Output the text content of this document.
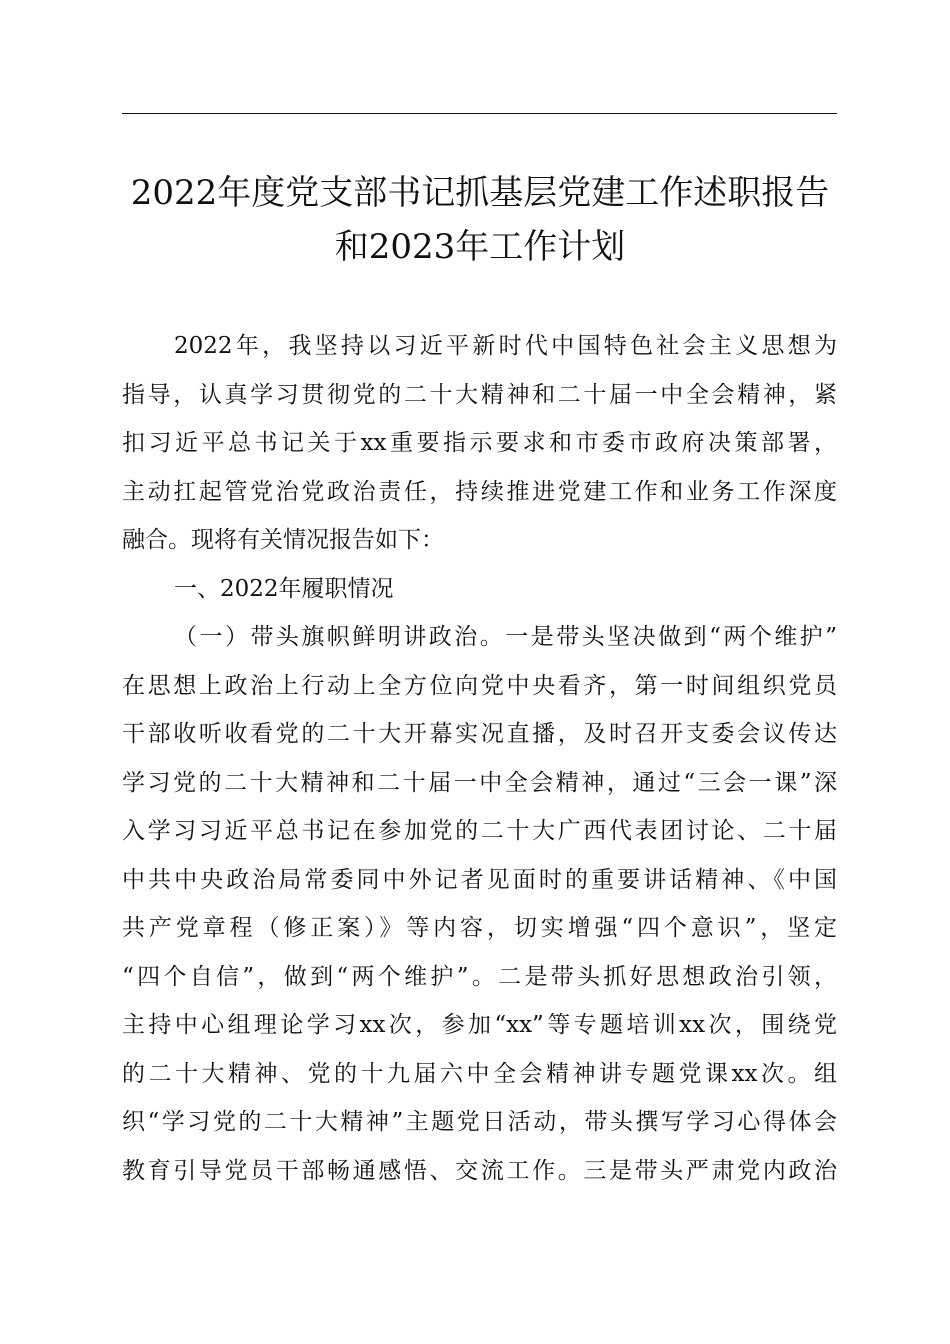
2022年度党支部书记抓基层党建工作述职报告
和2023年工作计划

2022年，我坚持以习近平新时代中国特色社会主义思想为
指导，认真学习贯彻党的二十大精神和二十届一中全会精神，紧
扣习近平总书记关于xx重要指示要求和市委市政府决策部署，
主动扛起管党治党政治责任，持续推进党建工作和业务工作深度
融合。现将有关情况报告如下：

一、2022年履职情况

（一）带头旗帜鲜明讲政治。一是带头坚决做到“两个维护”
在思想上政治上行动上全方位向党中央看齐，第一时间组织党员
干部收听收看党的二十大开幕实况直播，及时召开支委会议传达
学习党的二十大精神和二十届一中全会精神，通过“三会一课”深
入学习习近平总书记在参加党的二十大广西代表团讨论、二十届
中共中央政治局常委同中外记者见面时的重要讲话精神、《中国
共产党章程（修正案）》等内容，切实增强“四个意识”，坚定
“四个自信”，做到“两个维护”。二是带头抓好思想政治引领，
主持中心组理论学习xx次，参加“xx”等专题培训xx次，围绕党
的二十大精神、党的十九届六中全会精神讲专题党课xx次。组
织“学习党的二十大精神”主题党日活动，带头撰写学习心得体会
教育引导党员干部畅通感悟、交流工作。三是带头严肃党内政治
